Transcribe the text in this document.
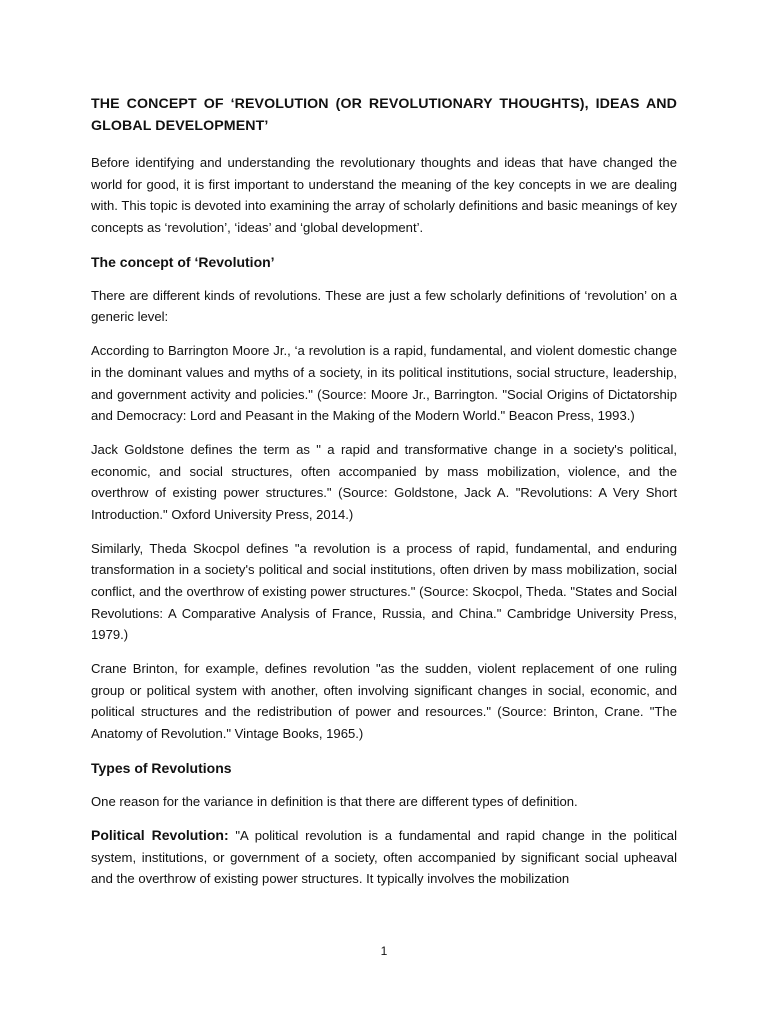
THE CONCEPT OF ‘REVOLUTION (OR REVOLUTIONARY THOUGHTS), IDEAS AND GLOBAL DEVELOPMENT’

Before identifying and understanding the revolutionary thoughts and ideas that have changed the world for good, it is first important to understand the meaning of the key concepts in we are dealing with. This topic is devoted into examining the array of scholarly definitions and basic meanings of key concepts as ‘revolution’, ‘ideas’ and ‘global development’.

The concept of ‘Revolution’

There are different kinds of revolutions. These are just a few scholarly definitions of ‘revolution’ on a generic level:

According to Barrington Moore Jr., ‘a revolution is a rapid, fundamental, and violent domestic change in the dominant values and myths of a society, in its political institutions, social structure, leadership, and government activity and policies." (Source: Moore Jr., Barrington. "Social Origins of Dictatorship and Democracy: Lord and Peasant in the Making of the Modern World." Beacon Press, 1993.)

Jack Goldstone defines the term as " a rapid and transformative change in a society's political, economic, and social structures, often accompanied by mass mobilization, violence, and the overthrow of existing power structures." (Source: Goldstone, Jack A. "Revolutions: A Very Short Introduction." Oxford University Press, 2014.)

Similarly, Theda Skocpol defines "a revolution is a process of rapid, fundamental, and enduring transformation in a society's political and social institutions, often driven by mass mobilization, social conflict, and the overthrow of existing power structures." (Source: Skocpol, Theda. "States and Social Revolutions: A Comparative Analysis of France, Russia, and China." Cambridge University Press, 1979.)

Crane Brinton, for example, defines revolution "as the sudden, violent replacement of one ruling group or political system with another, often involving significant changes in social, economic, and political structures and the redistribution of power and resources." (Source: Brinton, Crane. "The Anatomy of Revolution." Vintage Books, 1965.)

Types of Revolutions

One reason for the variance in definition is that there are different types of definition.

Political Revolution: "A political revolution is a fundamental and rapid change in the political system, institutions, or government of a society, often accompanied by significant social upheaval and the overthrow of existing power structures. It typically involves the mobilization

1
